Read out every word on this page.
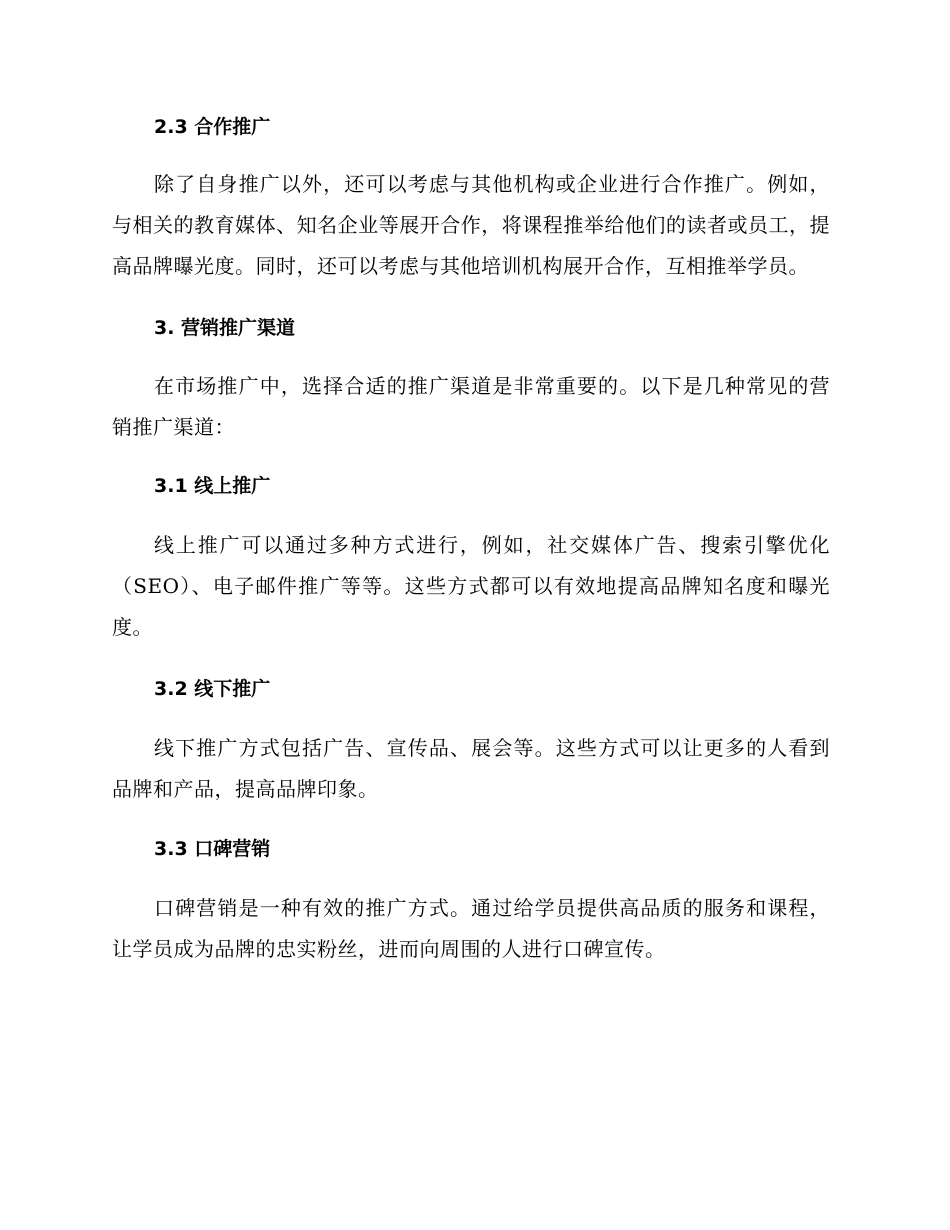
2.3 合作推广

除了自身推广以外，还可以考虑与其他机构或企业进行合作推广。例如，与相关的教育媒体、知名企业等展开合作，将课程推举给他们的读者或员工，提高品牌曝光度。同时，还可以考虑与其他培训机构展开合作，互相推举学员。

3. 营销推广渠道

在市场推广中，选择合适的推广渠道是非常重要的。以下是几种常见的营销推广渠道：

3.1 线上推广

线上推广可以通过多种方式进行，例如，社交媒体广告、搜索引擎优化（SEO）、电子邮件推广等等。这些方式都可以有效地提高品牌知名度和曝光度。

3.2 线下推广

线下推广方式包括广告、宣传品、展会等。这些方式可以让更多的人看到品牌和产品，提高品牌印象。

3.3 口碑营销

口碑营销是一种有效的推广方式。通过给学员提供高品质的服务和课程，让学员成为品牌的忠实粉丝，进而向周围的人进行口碑宣传。
